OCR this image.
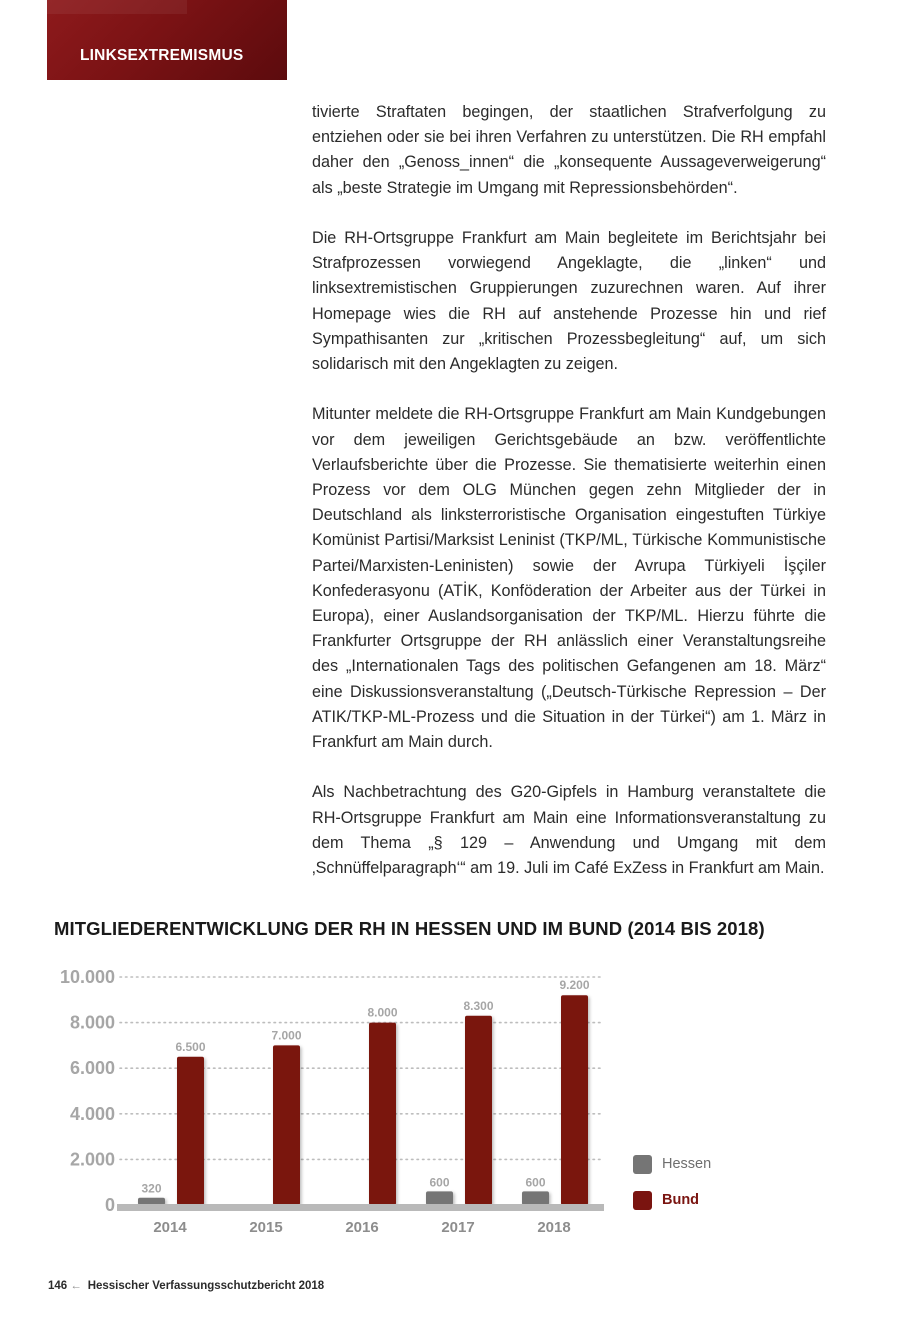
LINKSEXTREMISMUS

tivierte Straftaten begingen, der staatlichen Strafverfolgung zu entziehen oder sie bei ihren Verfahren zu unterstützen. Die RH empfahl daher den „Genoss_innen“ die „konsequente Aussageverweigerung“ als „beste Strategie im Umgang mit Repressionsbehörden“.

Die RH-Ortsgruppe Frankfurt am Main begleitete im Berichtsjahr bei Strafprozessen vorwiegend Angeklagte, die „linken“ und linksextremistischen Gruppierungen zuzurechnen waren. Auf ihrer Homepage wies die RH auf anstehende Prozesse hin und rief Sympathisanten zur „kritischen Prozessbegleitung“ auf, um sich solidarisch mit den Angeklagten zu zeigen.

Mitunter meldete die RH-Ortsgruppe Frankfurt am Main Kundgebungen vor dem jeweiligen Gerichtsgebäude an bzw. veröffentlichte Verlaufsberichte über die Prozesse. Sie thematisierte weiterhin einen Prozess vor dem OLG München gegen zehn Mitglieder der in Deutschland als linksterroristische Organisation eingestuften Türkiye Komünist Partisi/Marksist Leninist (TKP/ML, Türkische Kommunistische Partei/Marxisten-Leninisten) sowie der Avrupa Türkiyeli İşçiler Konfederasyonu (ATİK, Konföderation der Arbeiter aus der Türkei in Europa), einer Auslandsorganisation der TKP/ML. Hierzu führte die Frankfurter Ortsgruppe der RH anlässlich einer Veranstaltungsreihe des „Internationalen Tags des politischen Gefangenen am 18. März“ eine Diskussionsveranstaltung („Deutsch-Türkische Repression – Der ATIK/TKP-ML-Prozess und die Situation in der Türkei“) am 1. März in Frankfurt am Main durch.

Als Nachbetrachtung des G20-Gipfels in Hamburg veranstaltete die RH-Ortsgruppe Frankfurt am Main eine Informationsveranstaltung zu dem Thema „§ 129 – Anwendung und Umgang mit dem ‚Schnüffelparagraph‘“ am 19. Juli im Café ExZess in Frankfurt am Main.

MITGLIEDERENTWICKLUNG DER RH IN HESSEN UND IM BUND (2014 BIS 2018)
0
2.000
4.000
6.000
8.000
10.000
320
6.500
7.000
8.000
600
8.300
600
9.200
2014	2015	2016	2017	2018
Hessen
Bund
146 ← Hessischer Verfassungsschutzbericht 2018
